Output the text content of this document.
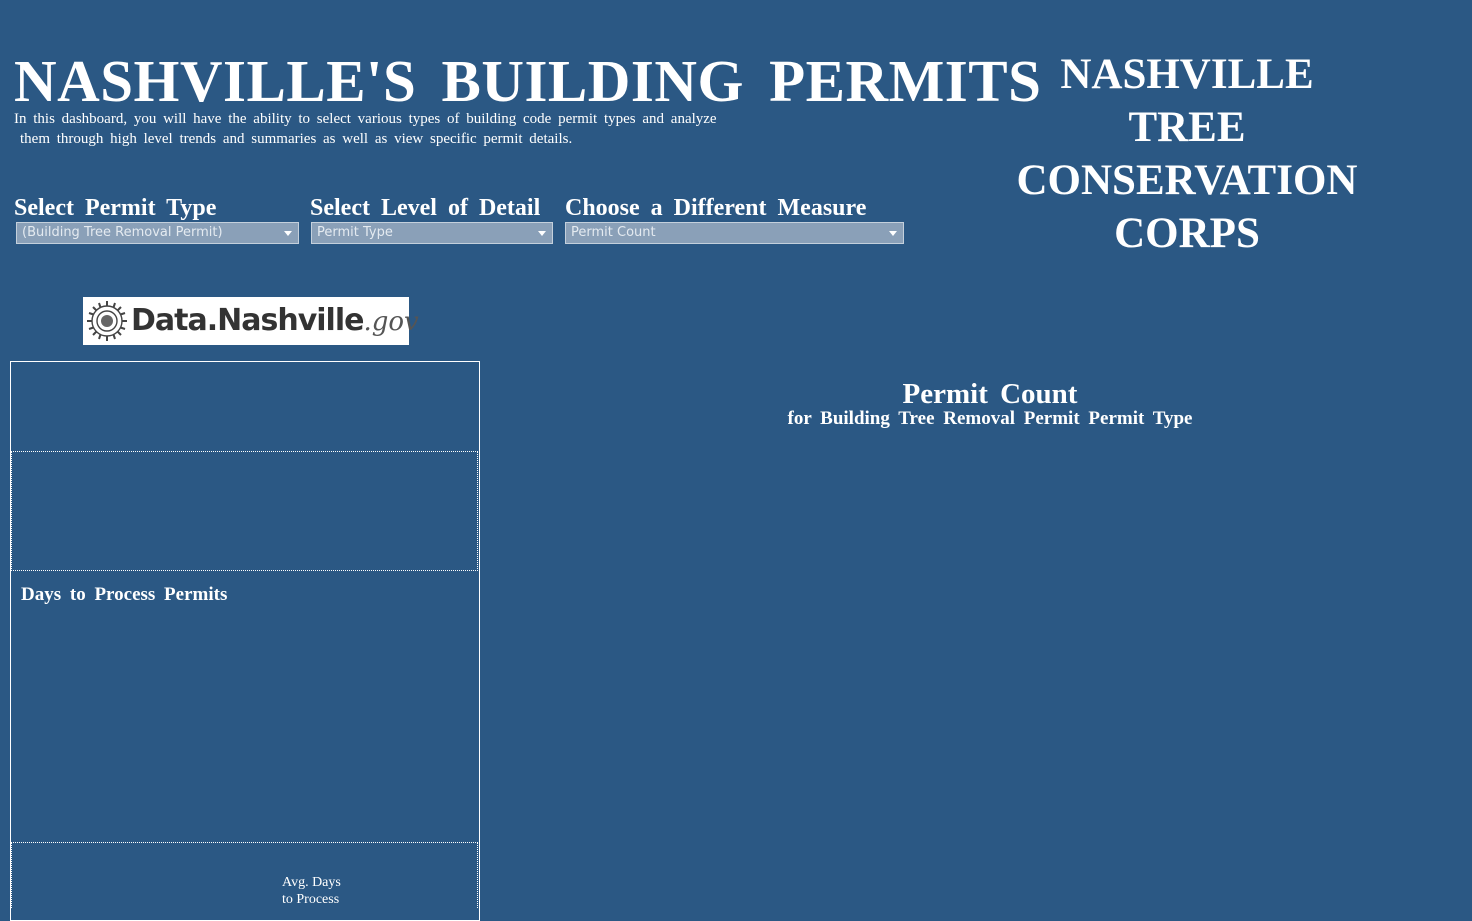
NASHVILLE'S BUILDING PERMITS
In this dashboard, you will have the ability to select various types of building code permit types and analyze
them through high level trends and summaries as well as view specific permit details.
NASHVILLE
TREE
CONSERVATION
CORPS
Select Permit Type
(Building Tree Removal Permit)
Select Level of Detail
Permit Type
Choose a Different Measure
Permit Count
Data.Nashville.gov
Days to Process Permits
Avg. Days
to Process
Permit Count
for Building Tree Removal Permit Permit Type
